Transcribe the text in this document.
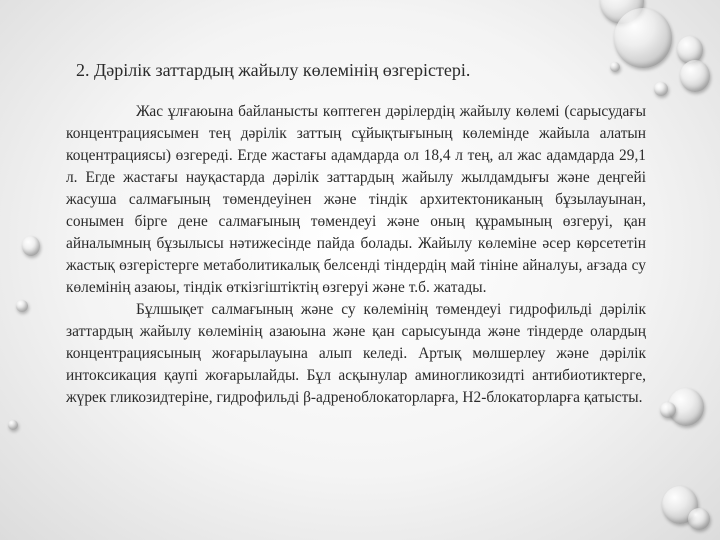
2. Дәрілік заттардың жайылу көлемінің өзгерістері.

Жас ұлғаюына байланысты көптеген дәрілердің жайылу көлемі (сарысудағы концентрациясымен тең дәрілік заттың сұйықтығының көлемінде жайыла алатын коцентрациясы) өзгереді. Егде жастағы адамдарда ол 18,4 л тең, ал жас адамдарда 29,1 л. Егде жастағы науқастарда дәрілік заттардың жайылу жылдамдығы және деңгейі жасуша салмағының төмендеуінен және тіндік архитектониканың бұзылауынан, сонымен бірге дене салмағының төмендеуі және оның құрамының өзгеруі, қан айналымның бұзылысы нәтижесінде пайда болады. Жайылу көлеміне әсер көрсететін жастық өзгерістерге метаболитикалық белсенді тіндердің май тініне айналуы, ағзада су көлемінің азаюы, тіндік өткізгіштіктің өзгеруі және т.б. жатады.

Бұлшықет салмағының және су көлемінің төмендеуі гидрофильді дәрілік заттардың жайылу көлемінің азаюына және қан сарысуында және тіндерде олардың концентрациясының жоғарылауына алып келеді. Артық мөлшерлеу және дәрілік интоксикация қаупі жоғарылайды. Бұл асқынулар аминогликозидті антибиотиктерге, жүрек гликозидтеріне, гидрофильді β-адреноблокаторларға, Н2-блокаторларға қатысты.
